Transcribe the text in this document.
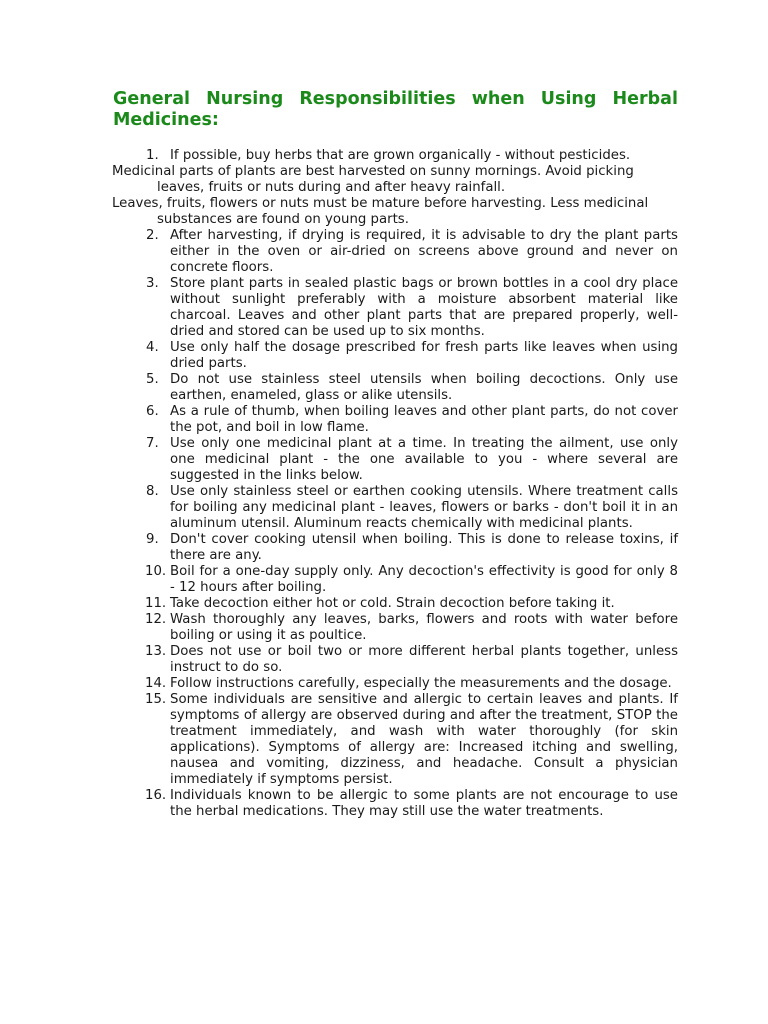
General Nursing Responsibilities when Using Herbal Medicines:
1. If possible, buy herbs that are grown organically - without pesticides.
Medicinal parts of plants are best harvested on sunny mornings. Avoid picking leaves, fruits or nuts during and after heavy rainfall.
Leaves, fruits, flowers or nuts must be mature before harvesting. Less medicinal substances are found on young parts.
2. After harvesting, if drying is required, it is advisable to dry the plant parts either in the oven or air-dried on screens above ground and never on concrete floors.
3. Store plant parts in sealed plastic bags or brown bottles in a cool dry place without sunlight preferably with a moisture absorbent material like charcoal. Leaves and other plant parts that are prepared properly, well-dried and stored can be used up to six months.
4. Use only half the dosage prescribed for fresh parts like leaves when using dried parts.
5. Do not use stainless steel utensils when boiling decoctions. Only use earthen, enameled, glass or alike utensils.
6. As a rule of thumb, when boiling leaves and other plant parts, do not cover the pot, and boil in low flame.
7. Use only one medicinal plant at a time. In treating the ailment, use only one medicinal plant - the one available to you - where several are suggested in the links below.
8. Use only stainless steel or earthen cooking utensils. Where treatment calls for boiling any medicinal plant - leaves, flowers or barks - don't boil it in an aluminum utensil. Aluminum reacts chemically with medicinal plants.
9. Don't cover cooking utensil when boiling. This is done to release toxins, if there are any.
10. Boil for a one-day supply only. Any decoction's effectivity is good for only 8 - 12 hours after boiling.
11. Take decoction either hot or cold. Strain decoction before taking it.
12. Wash thoroughly any leaves, barks, flowers and roots with water before boiling or using it as poultice.
13. Does not use or boil two or more different herbal plants together, unless instruct to do so.
14. Follow instructions carefully, especially the measurements and the dosage.
15. Some individuals are sensitive and allergic to certain leaves and plants. If symptoms of allergy are observed during and after the treatment, STOP the treatment immediately, and wash with water thoroughly (for skin applications). Symptoms of allergy are: Increased itching and swelling, nausea and vomiting, dizziness, and headache. Consult a physician immediately if symptoms persist.
16. Individuals known to be allergic to some plants are not encourage to use the herbal medications. They may still use the water treatments.
